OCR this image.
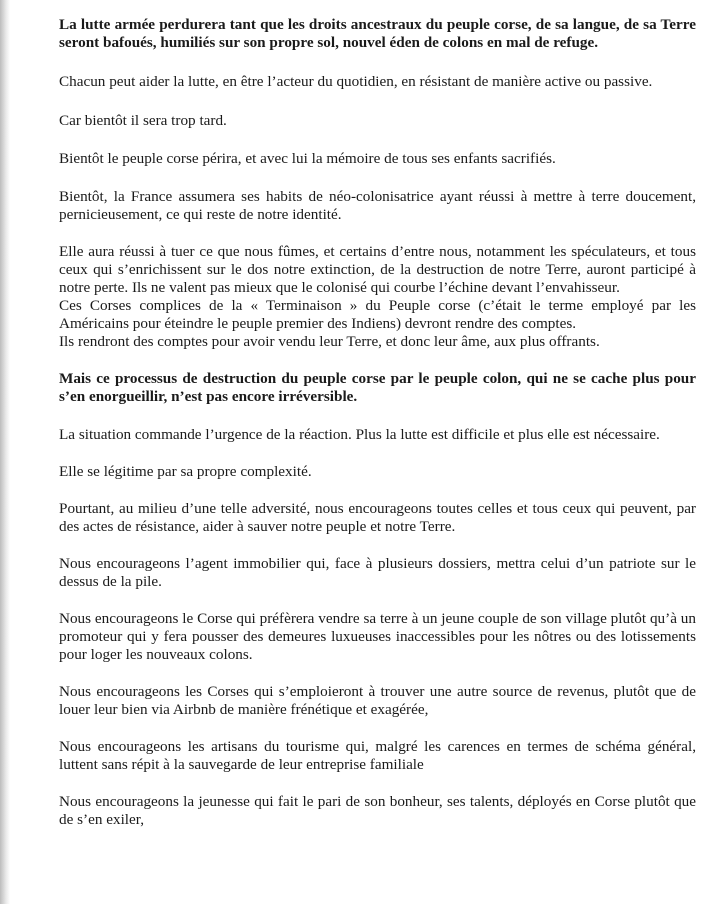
La lutte armée perdurera tant que les droits ancestraux du peuple corse, de sa langue, de sa Terre seront bafoués, humiliés sur son propre sol, nouvel éden de colons en mal de refuge.

Chacun peut aider la lutte, en être l’acteur du quotidien, en résistant de manière active ou passive.

Car bientôt il sera trop tard.

Bientôt le peuple corse périra, et avec lui la mémoire de tous ses enfants sacrifiés.

Bientôt, la France assumera ses habits de néo-colonisatrice ayant réussi à mettre à terre doucement, pernicieusement, ce qui reste de notre identité.

Elle aura réussi à tuer ce que nous fûmes, et certains d’entre nous, notamment les spéculateurs, et tous ceux qui s’enrichissent sur le dos notre extinction, de la destruction de notre Terre, auront participé à notre perte. Ils ne valent pas mieux que le colonisé qui courbe l’échine devant l’envahisseur.

Ces Corses complices de la « Terminaison » du Peuple corse (c’était le terme employé par les Américains pour éteindre le peuple premier des Indiens) devront rendre des comptes.

Ils rendront des comptes pour avoir vendu leur Terre, et donc leur âme, aux plus offrants.

Mais ce processus de destruction du peuple corse par le peuple colon, qui ne se cache plus pour s’en enorgueillir, n’est pas encore irréversible.

La situation commande l’urgence de la réaction. Plus la lutte est difficile et plus elle est nécessaire.

Elle se légitime par sa propre complexité.

Pourtant, au milieu d’une telle adversité, nous encourageons toutes celles et tous ceux qui peuvent, par des actes de résistance, aider à sauver notre peuple et notre Terre.

Nous encourageons l’agent immobilier qui, face à plusieurs dossiers, mettra celui d’un patriote sur le dessus de la pile.

Nous encourageons le Corse qui préfèrera vendre sa terre à un jeune couple de son village plutôt qu’à un promoteur qui y fera pousser des demeures luxueuses inaccessibles pour les nôtres ou des lotissements pour loger les nouveaux colons.

Nous encourageons les Corses qui s’emploieront à trouver une autre source de revenus, plutôt que de louer leur bien via Airbnb de manière frénétique et exagérée,

Nous encourageons les artisans du tourisme qui, malgré les carences en termes de schéma général, luttent sans répit à la sauvegarde de leur entreprise familiale

Nous encourageons la jeunesse qui fait le pari de son bonheur, ses talents, déployés en Corse plutôt que de s’en exiler,
